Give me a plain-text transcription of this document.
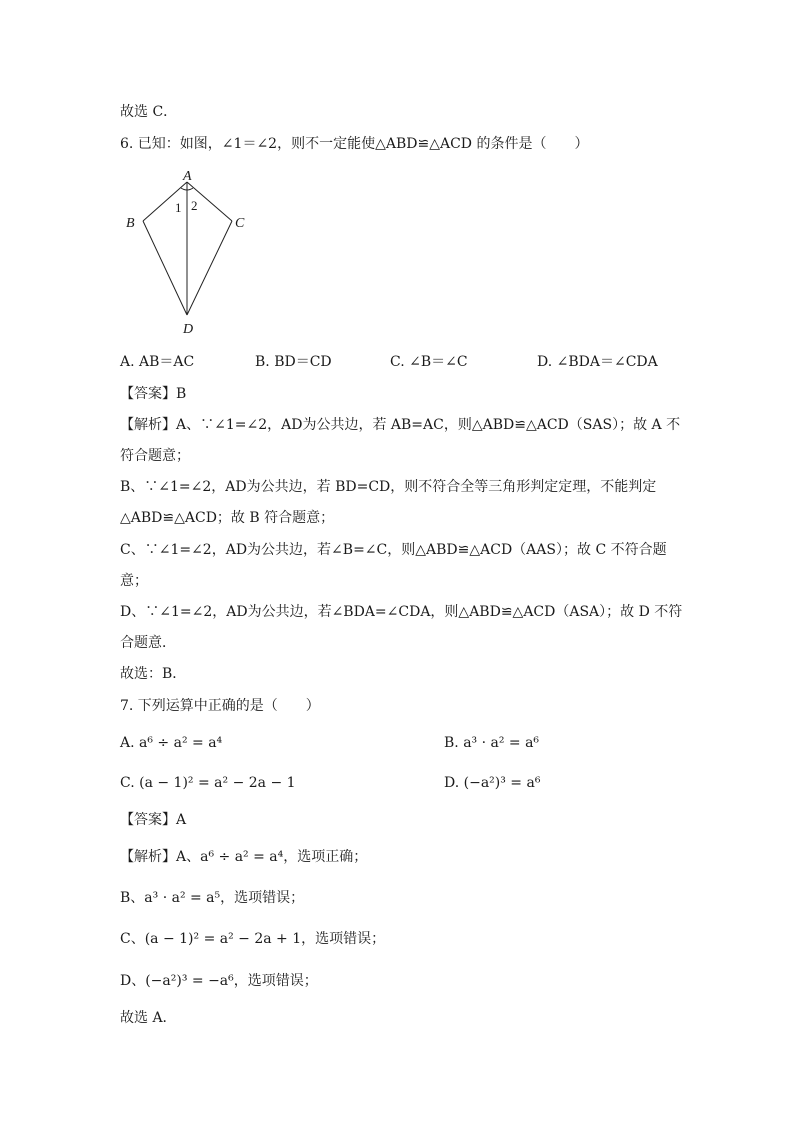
故选 C．
6. 已知：如图，∠1＝∠2，则不一定能使△ABD≌△ACD 的条件是（　　）
A
B	C
D
1 2
A. AB＝AC	B. BD＝CD	C. ∠B＝∠C	D. ∠BDA＝∠CDA
【答案】B
【解析】A、∵∠1=∠2，AD为公共边，若 AB=AC，则△ABD≌△ACD（SAS）；故 A 不
符合题意；
B、∵∠1=∠2，AD为公共边，若 BD=CD，则不符合全等三角形判定定理，不能判定
△ABD≌△ACD；故 B 符合题意；
C、∵∠1=∠2，AD为公共边，若∠B=∠C，则△ABD≌△ACD（AAS）；故 C 不符合题
意；
D、∵∠1=∠2，AD为公共边，若∠BDA=∠CDA，则△ABD≌△ACD（ASA）；故 D 不符
合题意．
故选：B．
7. 下列运算中正确的是（　　）
A. a⁶ ÷ a² = a⁴	B. a³ · a² = a⁶
C. (a − 1)² = a² − 2a − 1	D. (−a²)³ = a⁶
【答案】A
【解析】A、a⁶ ÷ a² = a⁴，选项正确；
B、a³ · a² = a⁵，选项错误；
C、(a − 1)² = a² − 2a + 1，选项错误；
D、(−a²)³ = −a⁶，选项错误；
故选 A．
